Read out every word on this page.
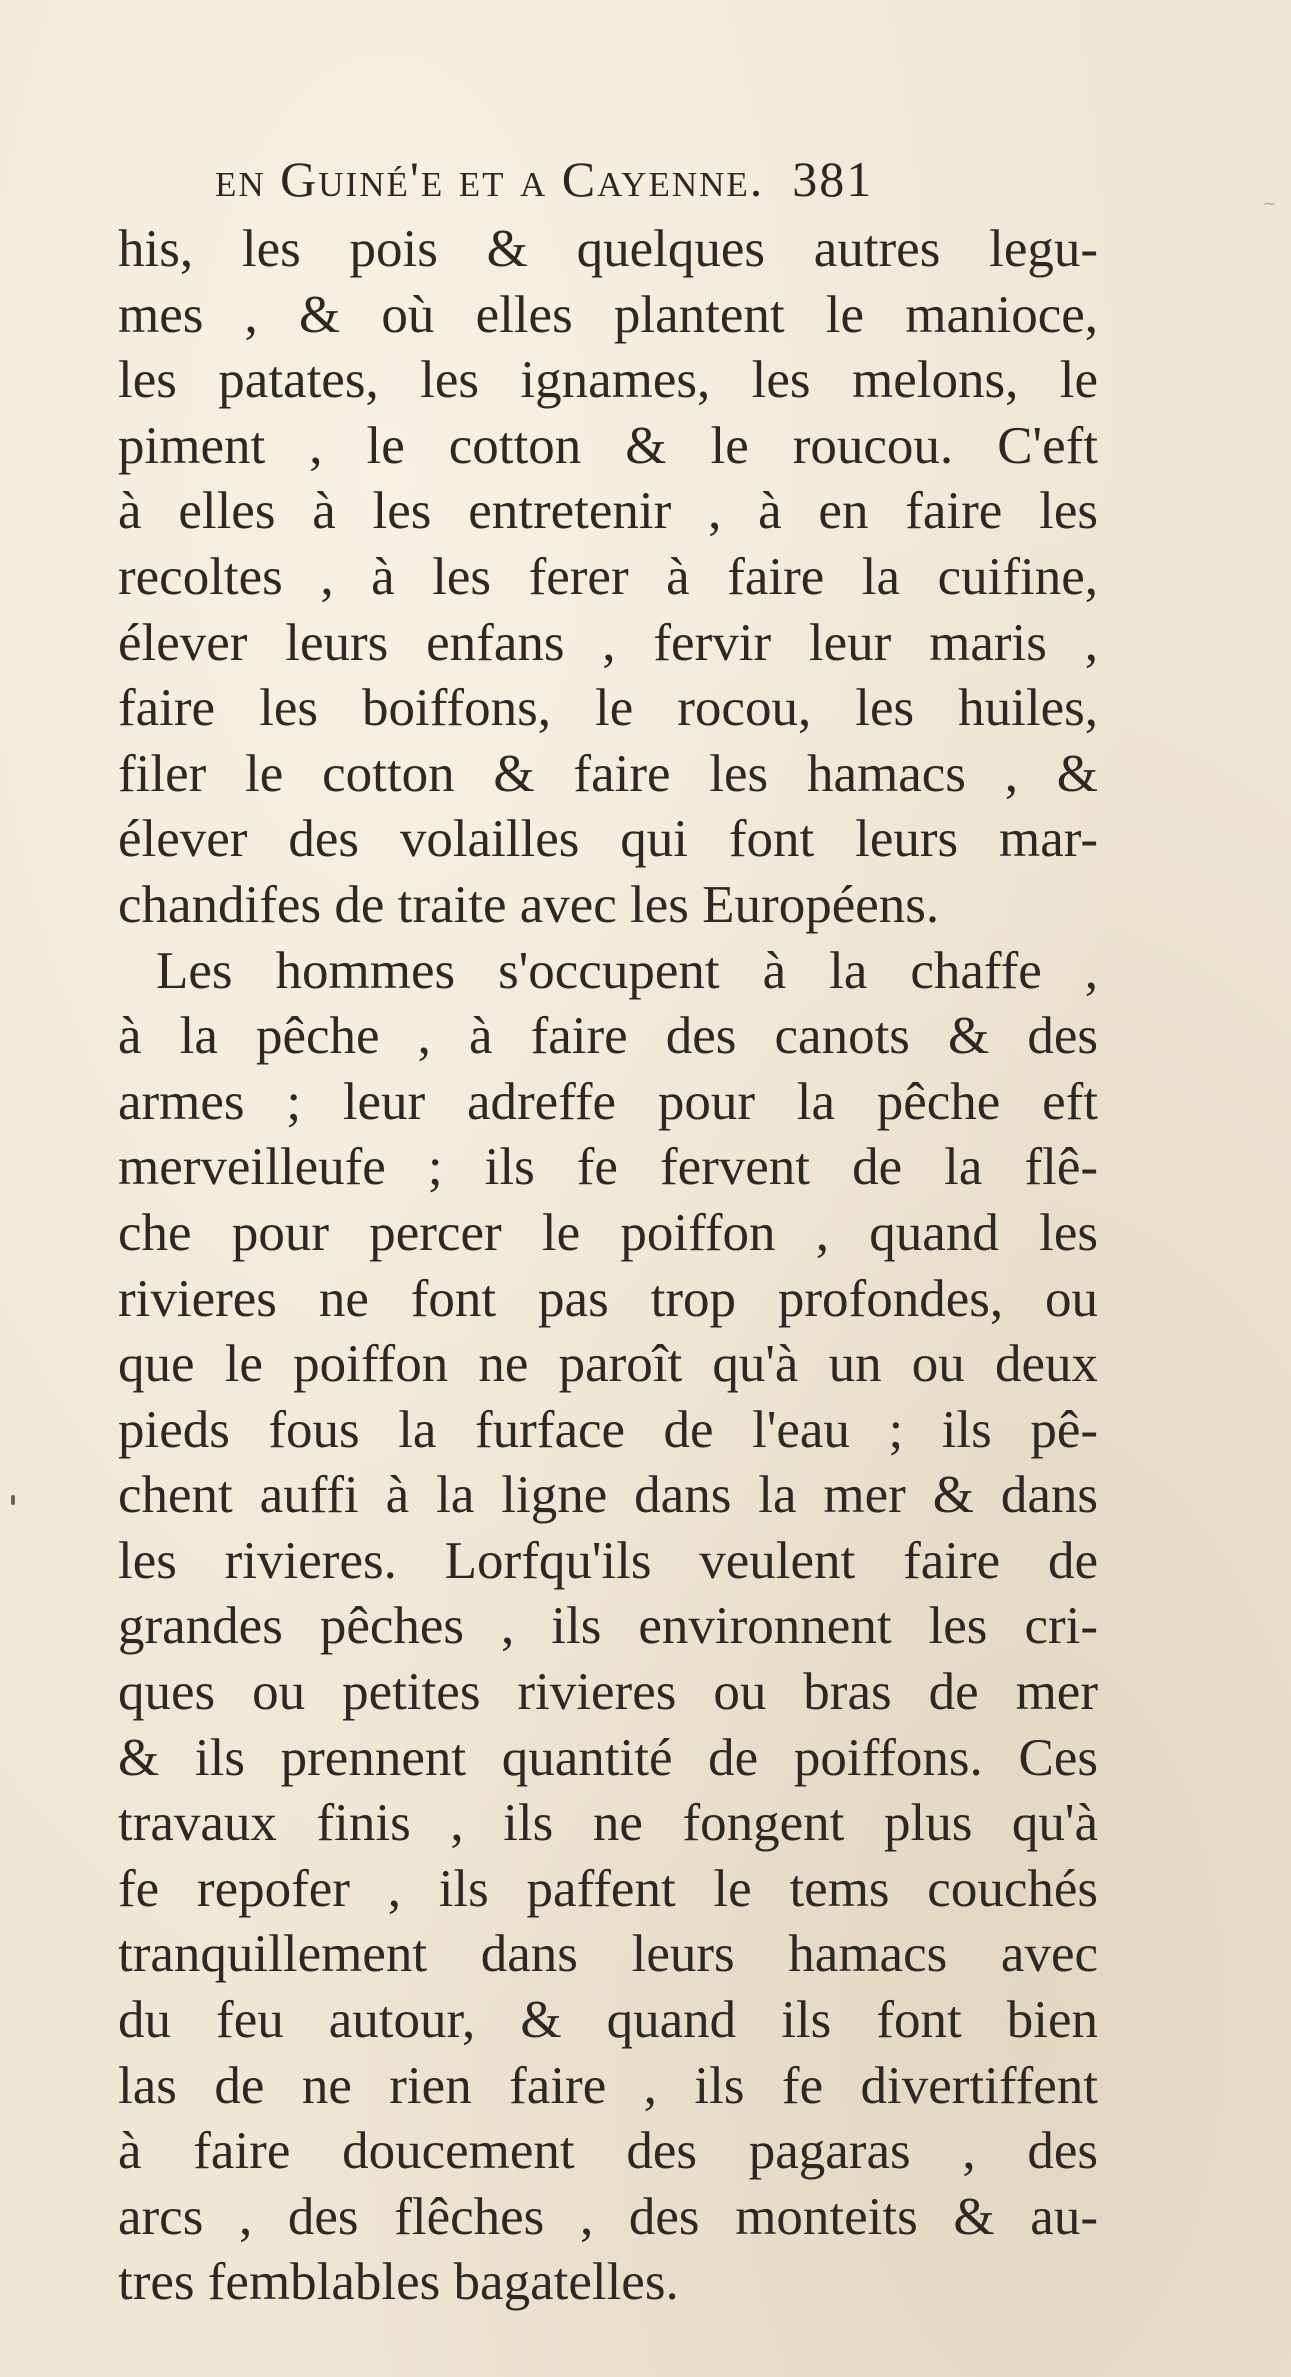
en Guiné'e et a Cayenne. 381	~
his, les pois & quelques autres legu-
mes , & où elles plantent le manioce,
les patates, les ignames, les melons, le
piment , le cotton & le roucou. C'eft
à elles à les entretenir , à en faire les
recoltes , à les ferer à faire la cuifine,
élever leurs enfans , fervir leur maris ,
faire les boiffons, le rocou, les huiles,
filer le cotton & faire les hamacs , &
élever des volailles qui font leurs mar-
chandifes de traite avec les Européens.
Les hommes s'occupent à la chaffe ,
à la pêche , à faire des canots & des
armes ; leur adreffe pour la pêche eft
merveilleufe ; ils fe fervent de la flê-
che pour percer le poiffon , quand les
rivieres ne font pas trop profondes, ou
que le poiffon ne paroît qu'à un ou deux
pieds fous la furface de l'eau ; ils pê-
chent auffi à la ligne dans la mer & dans
les rivieres. Lorfqu'ils veulent faire de
grandes pêches , ils environnent les cri-
ques ou petites rivieres ou bras de mer
& ils prennent quantité de poiffons. Ces
travaux finis , ils ne fongent plus qu'à
fe repofer , ils paffent le tems couchés
tranquillement dans leurs hamacs avec
du feu autour, & quand ils font bien
las de ne rien faire , ils fe divertiffent
à faire doucement des pagaras , des
arcs , des flêches , des monteits & au-
tres femblables bagatelles.
